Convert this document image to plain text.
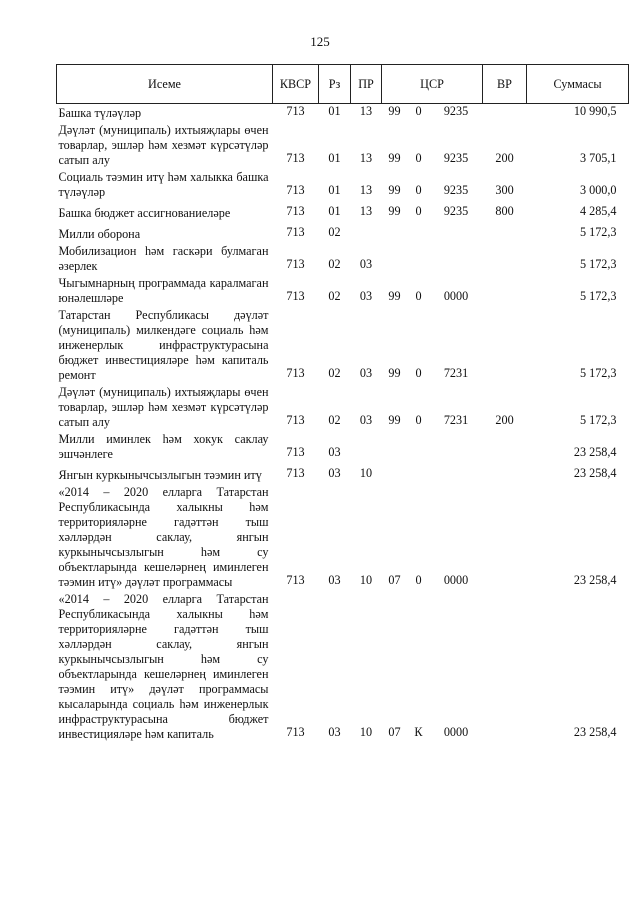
125
Исеме	КВСР	Рз	ПР	ЦСР			ВР	Суммасы
Башка түләүләр	713	01	13	99	0	9235		10 990,5
Дәүләт (муниципаль) ихтыяҗлары өчен товарлар, эшләр һәм хезмәт күрсәтүләр сатып алу	713	01	13	99	0	9235	200	3 705,1
Социаль тәэмин итү һәм халыкка башка түләүләр	713	01	13	99	0	9235	300	3 000,0
Башка бюджет ассигнованиеләре	713	01	13	99	0	9235	800	4 285,4
Милли оборона	713	02						5 172,3
Мобилизацион һәм гаскәри булмаган әзерлек	713	02	03					5 172,3
Чыгымнарның программада каралмаган юнәлешләре	713	02	03	99	0	0000		5 172,3
Татарстан Республикасы дәүләт (муниципаль) милкендәге социаль һәм инженерлык инфраструктурасына бюджет инвестицияләре һәм капиталь ремонт	713	02	03	99	0	7231		5 172,3
Дәүләт (муниципаль) ихтыяҗлары өчен товарлар, эшләр һәм хезмәт күрсәтүләр сатып алу	713	02	03	99	0	7231	200	5 172,3
Милли иминлек һәм хокук саклау эшчәнлеге	713	03						23 258,4
Янгын куркынычсызлыгын тәэмин итү	713	03	10					23 258,4
«2014 – 2020 елларга Татарстан Республикасында халыкны һәм территорияләрне гадәттән тыш хәлләрдән саклау, янгын куркынычсызлыгын һәм су объектларында кешеләрнең иминлеген тәэмин итү» дәүләт программасы	713	03	10	07	0	0000		23 258,4
«2014 – 2020 елларга Татарстан Республикасында халыкны һәм территорияләрне гадәттән тыш хәлләрдән саклау, янгын куркынычсызлыгын һәм су объектларында кешеләрнең иминлеген тәэмин итү» дәүләт программасы кысаларында социаль һәм инженерлык инфраструктурасына бюджет инвестицияләре һәм капиталь	713	03	10	07	К	0000		23 258,4
